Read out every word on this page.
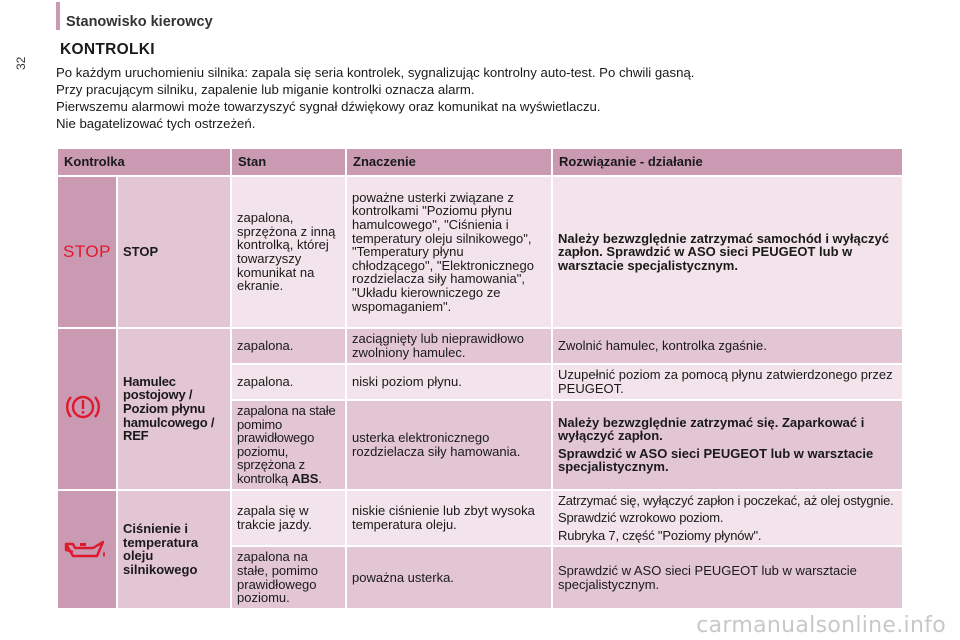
Stanowisko kierowcy
32
KONTROLKI

Po każdym uruchomieniu silnika: zapala się seria kontrolek, sygnalizując kontrolny auto-test. Po chwili gasną.

Przy pracującym silniku, zapalenie lub miganie kontrolki oznacza alarm.

Pierwszemu alarmowi może towarzyszyć sygnał dźwiękowy oraz komunikat na wyświetlaczu.

Nie bagatelizować tych ostrzeżeń.

Kontrolka		Stan	Znaczenie	Rozwiązanie - działanie
STOP	STOP	zapalona, sprzężona z inną kontrolką, której towarzyszy komunikat na ekranie.	poważne usterki związane z kontrolkami "Poziomu płynu hamulcowego", "Ciśnienia i temperatury oleju silnikowego", "Temperatury płynu chłodzącego", "Elektronicznego rozdzielacza siły hamowania", "Układu kierowniczego ze wspomaganiem".	Należy bezwzględnie zatrzymać samochód i wyłączyć zapłon. Sprawdzić w ASO sieci PEUGEOT lub w warsztacie specjalistycznym.
	Hamulec postojowy / Poziom płynu hamulcowego / REF	zapalona.	zaciągnięty lub nieprawidłowo zwolniony hamulec.	Zwolnić hamulec, kontrolka zgaśnie.
		zapalona.	niski poziom płynu.	Uzupełnić poziom za pomocą płynu zatwierdzonego przez PEUGEOT.
		zapalona na stałe pomimo prawidłowego poziomu, sprzężona z kontrolką ABS.	usterka elektronicznego rozdzielacza siły hamowania.	Należy bezwzględnie zatrzymać się. Zaparkować i wyłączyć zapłon.

Sprawdzić w ASO sieci PEUGEOT lub w warsztacie specjalistycznym.

	Ciśnienie i temperatura oleju silnikowego	zapala się w trakcie jazdy.	niskie ciśnienie lub zbyt wysoka temperatura oleju.	Zatrzymać się, wyłączyć zapłon i poczekać, aż olej ostygnie.

Sprawdzić wzrokowo poziom.

Rubryka 7, część "Poziomy płynów".

		zapalona na stałe, pomimo prawidłowego poziomu.	poważna usterka.	Sprawdzić w ASO sieci PEUGEOT lub w warsztacie specjalistycznym.
carmanualsonline.info
